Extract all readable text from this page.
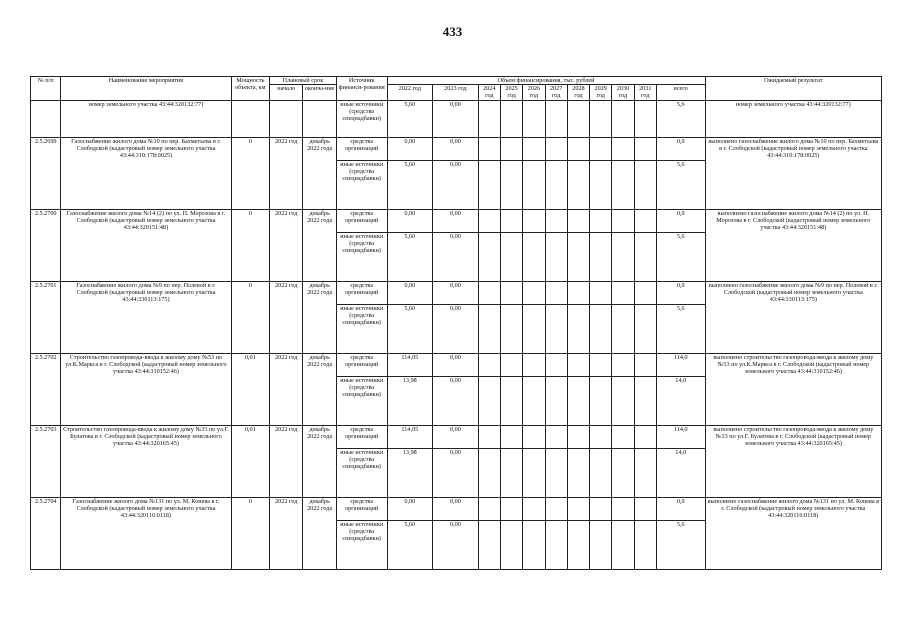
433
№ п/п	Наименование мероприятия	Мощность объекта, км	Плановый срок		Источник финанси-рования	Объем финансирования, тыс. рублей											Ожидаемый результат
			начало	оконча-ние		2022 год	2023 год	2024 год	2025 год	2026 год	2027 год	2028 год	2029 год	2030 год	2031 год	всего	
	номер земельного участка 43:44:320132:77)				иные источники (средства спецнадбавки)	5,60	0,00									5,6	номер земельного участка 43:44:320132:77)
2.5.2699	Газоснабжение жилого дома №10 по пер. Бахметьева в г. Слободской (кадастровый номер земельного участка 43:44:310:178:0025)	0	2022 год	декабрь 2022 года	средства организаций	0,00	0,00									0,0	выполнено газоснабжение жилого дома №10 по пер. Бахметьева в г. Слободской (кадастровый номер земельного участка 43:44:310:178:0025)
					иные источники (средства спецнадбавки)	5,60	0,00									5,6	
2.5.2700	Газоснабжение жилого дома №14 (2) по ул. П. Морозова в г. Слободской (кадастровый номер земельного участка 43:44:320151:48)	0	2022 год	декабрь 2022 года	средства организаций	0,00	0,00									0,0	выполнено газоснабжение жилого дома №14 (2) по ул. П. Морозова в г. Слободской (кадастровый номер земельного участка 43:44:320151:48)
					иные источники (средства спецнадбавки)	5,60	0,00									5,6	
2.5.2701	Газоснабжение жилого дома №9 по пер. Полевой в г. Слободской (кадастровый номер земельного участка 43:44:330113:175)	0	2022 год	декабрь 2022 года	средства организаций	0,00	0,00									0,0	выполнено газоснабжение жилого дома №9 по пер. Полевой в г. Слободской (кадастровый номер земельного участка 43:44:330113:175)
					иные источники (средства спецнадбавки)	5,60	0,00									5,6	
2.5.2702	Строительство газопровода-ввода к жилому дому №53 по ул.К.Маркса в г. Слободской (кадастровый номер земельного участка 43:44:310152:46)	0,01	2022 год	декабрь 2022 года	средства организаций	114,05	0,00									114,0	выполнено строительство газопровода-ввода к жилому дому №53 по ул.К.Маркса в г. Слободской (кадастровый номер земельного участка 43:44:310152:46)
					иные источники (средства спецнадбавки)	13,98	0,00									14,0	
2.5.2703	Строительство газопровода-ввода к жилому дому №33 по ул.Г. Булатова в г. Слободской (кадастровый номер земельного участка 43:44:320165:45)	0,01	2022 год	декабрь 2022 года	средства организаций	114,05	0,00									114,0	выполнено строительство газопровода-ввода к жилому дому №33 по ул.Г. Булатова в г. Слободской (кадастровый номер земельного участка 43:44:320165:45)
					иные источники (средства спецнадбавки)	13,98	0,00									14,0	
2.5.2704	Газоснабжение жилого дома №131 по ул. М. Конева в г. Слободской (кадастровый номер земельного участка 43:44:320116:0118)	0	2022 год	декабрь 2022 года	средства организаций	0,00	0,00									0,0	выполнено газоснабжение жилого дома №131 по ул. М. Конева в г. Слободской (кадастровый номер земельного участка 43:44:320116:0118)
					иные источники (средства спецнадбавки)	5,60	0,00									5,6	
